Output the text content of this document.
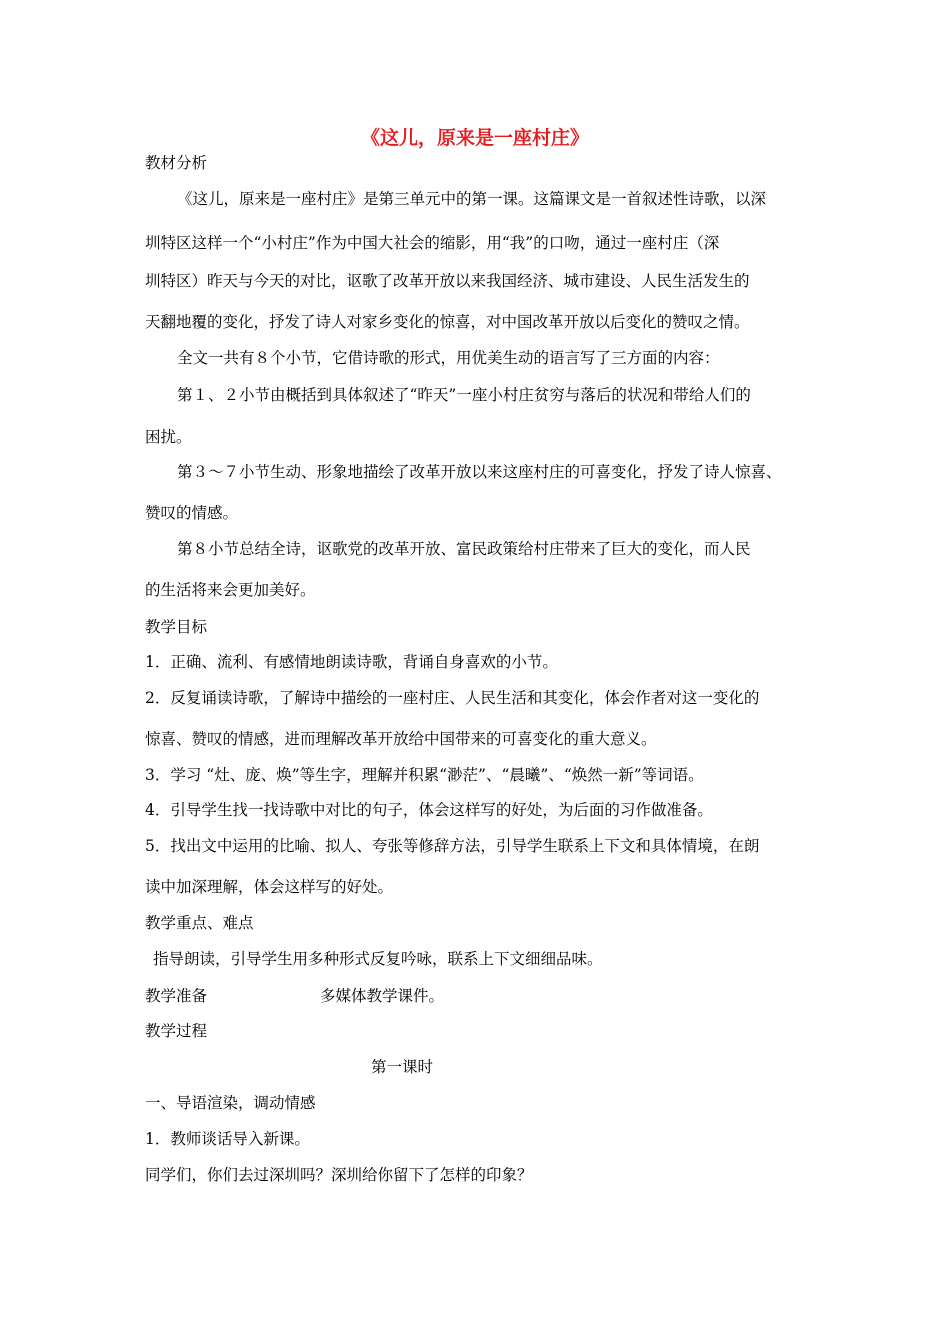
《这儿，原来是一座村庄》
教材分析
《这儿，原来是一座村庄》是第三单元中的第一课。这篇课文是一首叙述性诗歌，以深
圳特区这样一个“小村庄”作为中国大社会的缩影，用“我”的口吻，通过一座村庄（深
圳特区）昨天与今天的对比，讴歌了改革开放以来我国经济、城市建设、人民生活发生的
天翻地覆的变化，抒发了诗人对家乡变化的惊喜，对中国改革开放以后变化的赞叹之情。
全文一共有８个小节，它借诗歌的形式，用优美生动的语言写了三方面的内容：
第１、２小节由概括到具体叙述了“昨天”一座小村庄贫穷与落后的状况和带给人们的
困扰。
第３～７小节生动、形象地描绘了改革开放以来这座村庄的可喜变化，抒发了诗人惊喜、
赞叹的情感。
第８小节总结全诗，讴歌党的改革开放、富民政策给村庄带来了巨大的变化，而人民
的生活将来会更加美好。
教学目标
1．正确、流利、有感情地朗读诗歌，背诵自身喜欢的小节。
2．反复诵读诗歌，了解诗中描绘的一座村庄、人民生活和其变化，体会作者对这一变化的
惊喜、赞叹的情感，进而理解改革开放给中国带来的可喜变化的重大意义。
3．学习 “灶、庞、焕”等生字，理解并积累“渺茫”、“晨曦”、“焕然一新”等词语。
4．引导学生找一找诗歌中对比的句子，体会这样写的好处，为后面的习作做准备。
5．找出文中运用的比喻、拟人、夸张等修辞方法，引导学生联系上下文和具体情境，在朗
读中加深理解，体会这样写的好处。
教学重点、难点
指导朗读，引导学生用多种形式反复吟咏，联系上下文细细品味。
教学准备	多媒体教学课件。
教学过程
第一课时
一、导语渲染，调动情感
1．教师谈话导入新课。
同学们，你们去过深圳吗？深圳给你留下了怎样的印象？
